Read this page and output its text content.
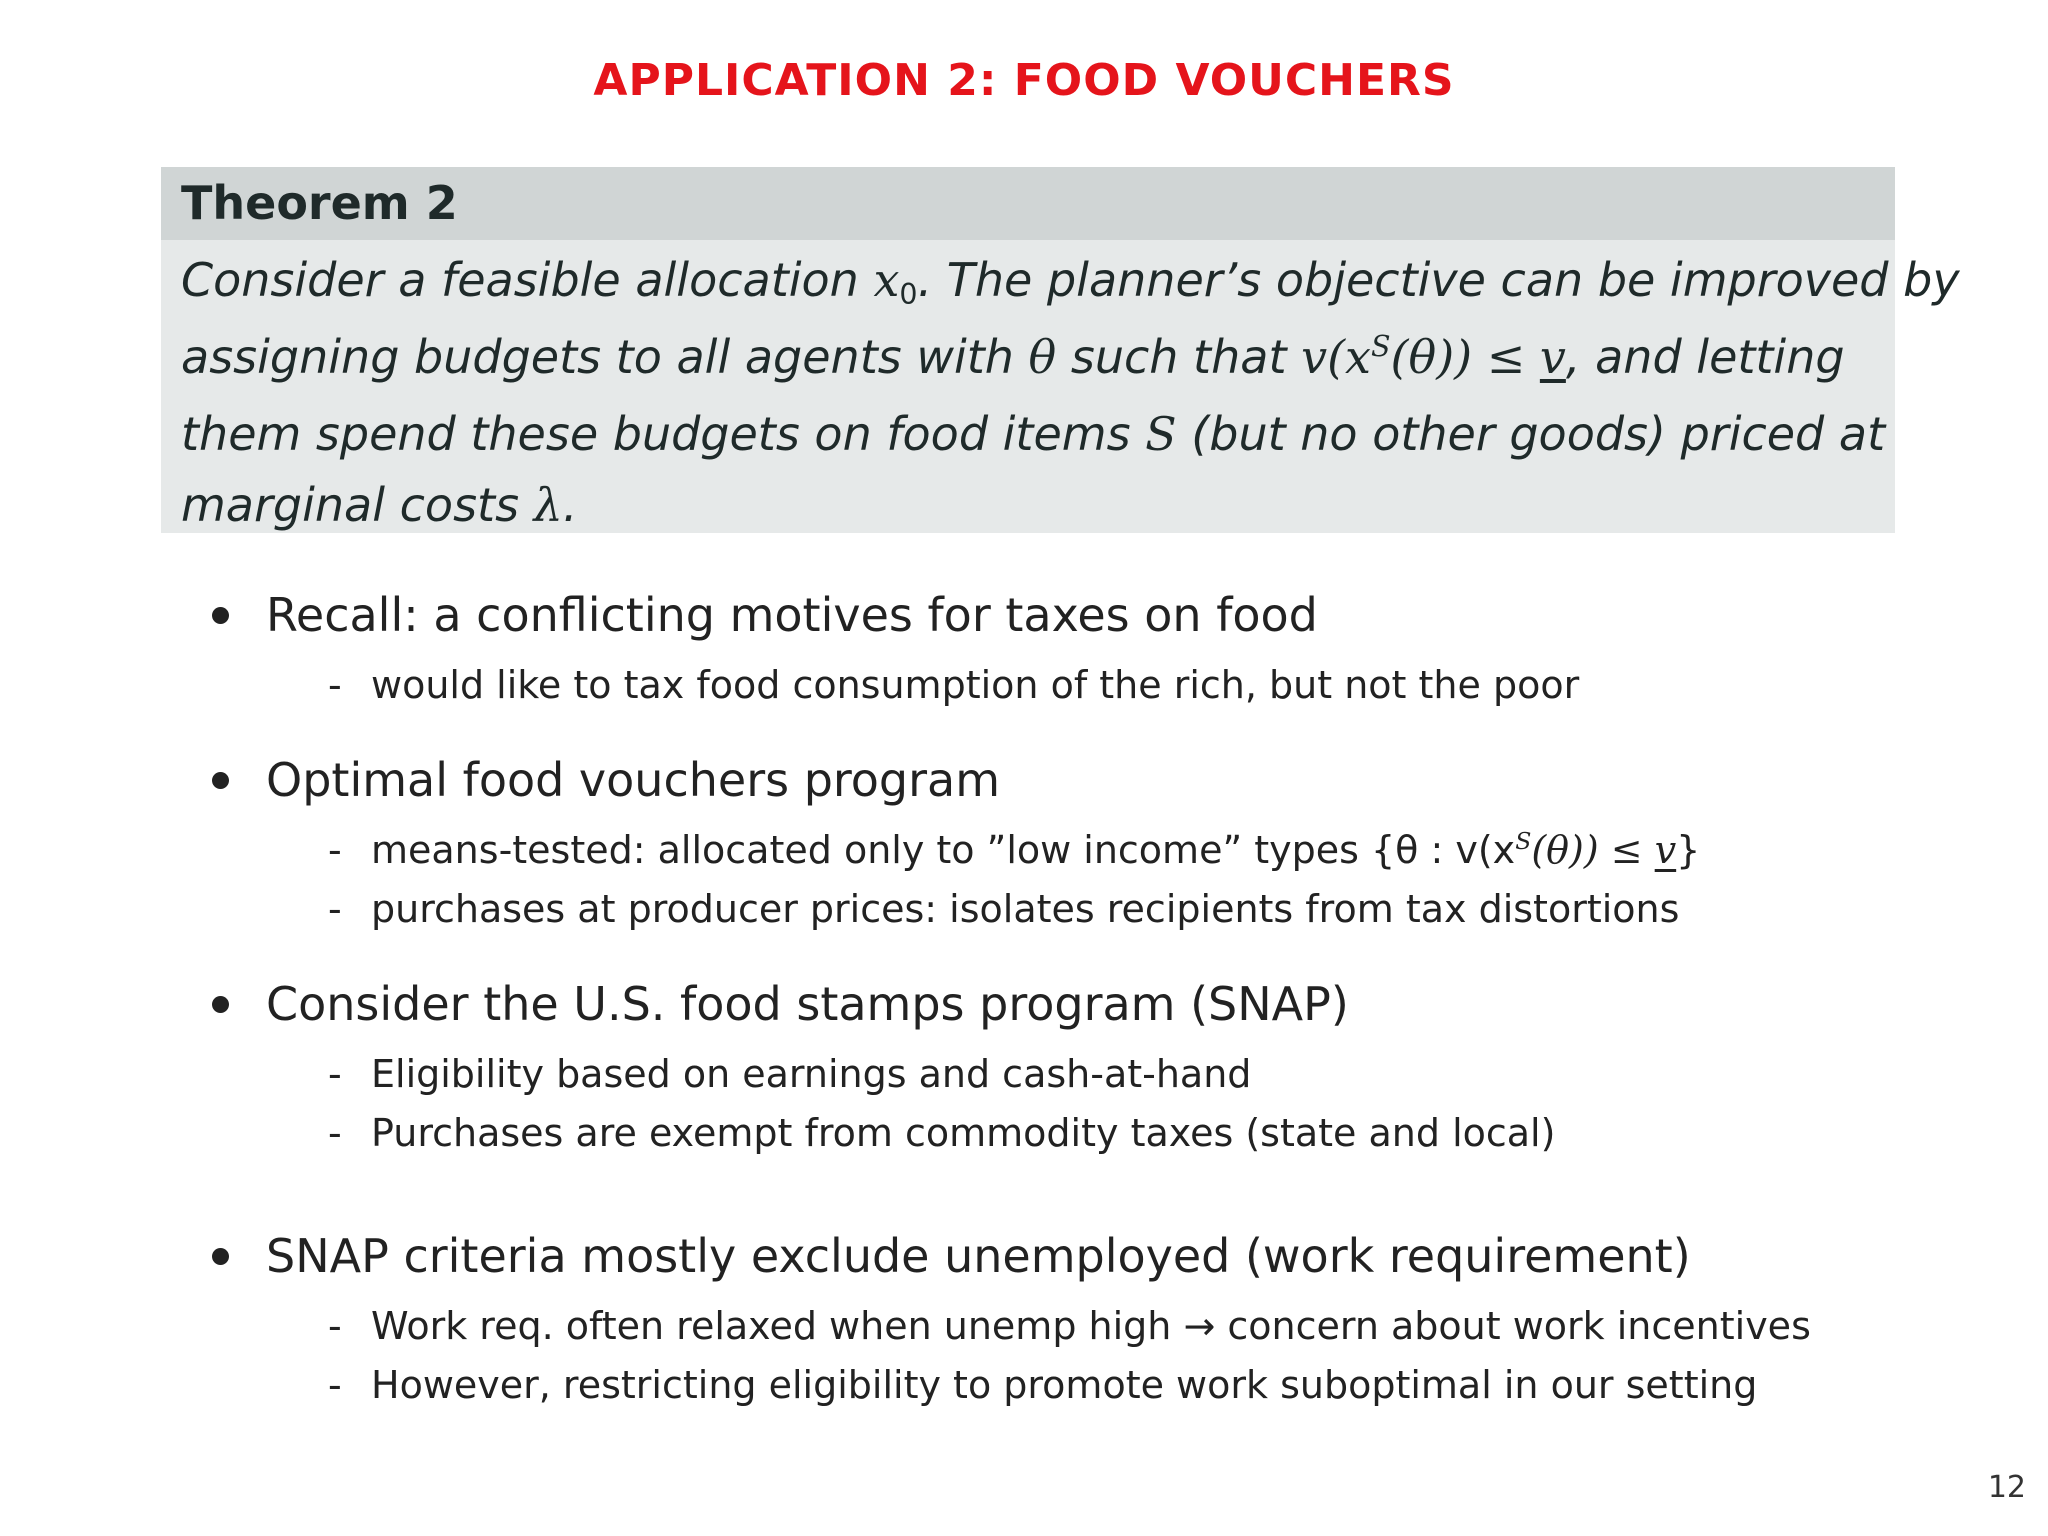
APPLICATION 2: FOOD VOUCHERS
Theorem 2
Consider a feasible allocation x0. The planner’s objective can be improved by
assigning budgets to all agents with θ such that $v(x^S(\theta)) \le v$, and letting
them spend these budgets on food items S (but no other goods) priced at
marginal costs λ.
Recall: a conflicting motives for taxes on food
- would like to tax food consumption of the rich, but not the poor
Optimal food vouchers program
- means-tested: allocated only to ”low income” types {θ : $v(x^S(\theta)) \le v$}
- purchases at producer prices: isolates recipients from tax distortions
Consider the U.S. food stamps program (SNAP)
- Eligibility based on earnings and cash-at-hand
- Purchases are exempt from commodity taxes (state and local)
SNAP criteria mostly exclude unemployed (work requirement)
- Work req. often relaxed when unemp high → concern about work incentives
- However, restricting eligibility to promote work suboptimal in our setting
12
